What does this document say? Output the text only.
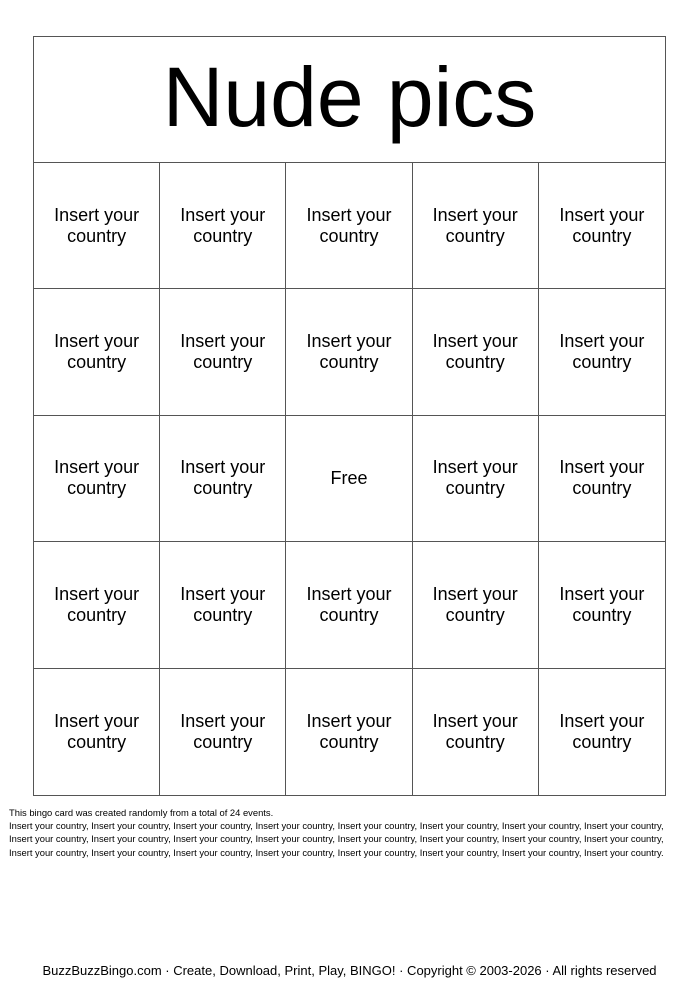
Nude pics
Insert your country
Insert your country
Insert your country
Insert your country
Insert your country
Insert your country
Insert your country
Insert your country
Insert your country
Insert your country
Insert your country
Insert your country
Free
Insert your country
Insert your country
Insert your country
Insert your country
Insert your country
Insert your country
Insert your country
Insert your country
Insert your country
Insert your country
Insert your country
Insert your country
This bingo card was created randomly from a total of 24 events.
Insert your country, Insert your country, Insert your country, Insert your country, Insert your country, Insert your country, Insert your country, Insert your country,
Insert your country, Insert your country, Insert your country, Insert your country, Insert your country, Insert your country, Insert your country, Insert your country,
Insert your country, Insert your country, Insert your country, Insert your country, Insert your country, Insert your country, Insert your country, Insert your country.
BuzzBuzzBingo.com · Create, Download, Print, Play, BINGO! · Copyright © 2003-2026 · All rights reserved
